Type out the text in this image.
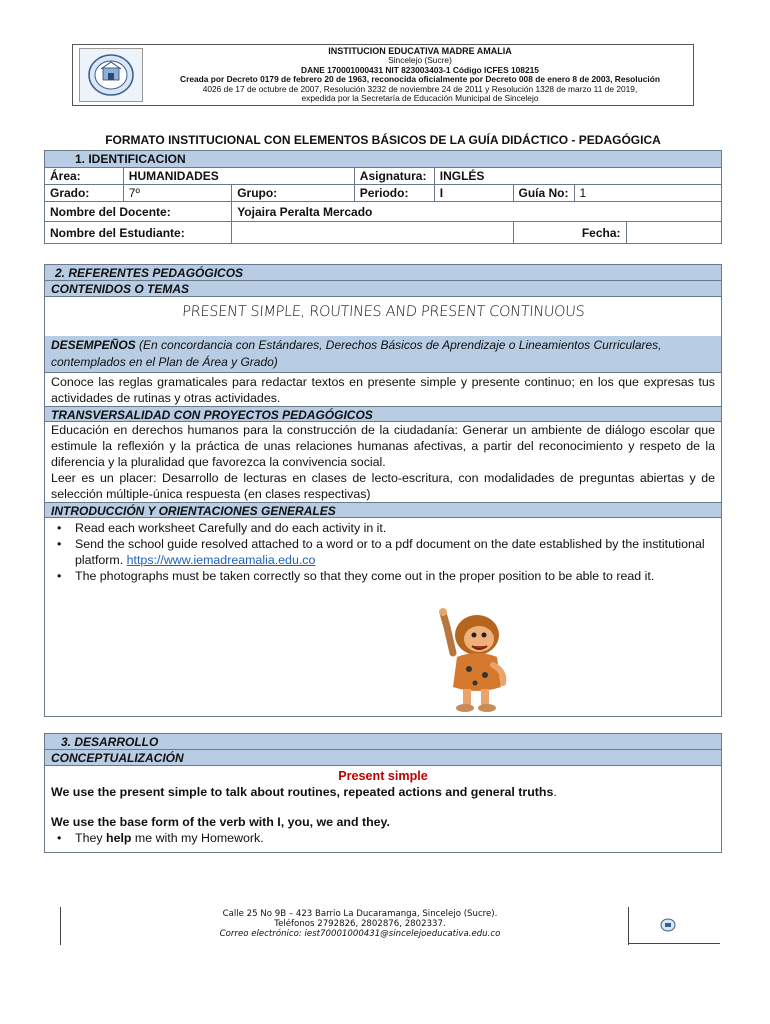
INSTITUCION EDUCATIVA MADRE AMALIA
Sincelejo (Sucre)
DANE 170001000431 NIT 823003403-1 Código ICFES 108215
Creada por Decreto 0179 de febrero 20 de 1963, reconocida oficialmente por Decreto 008 de enero 8 de 2003, Resolución
4026 de 17 de octubre de 2007, Resolución 3232 de noviembre 24 de 2011 y Resolución 1328 de marzo 11 de 2019,
expedida por la Secretaría de Educación Municipal de Sincelejo
FORMATO INSTITUCIONAL CON ELEMENTOS BÁSICOS DE LA GUÍA DIDÁCTICO - PEDAGÓGICA
1. IDENTIFICACION							
Área:	HUMANIDADES		Asignatura:	INGLÉS			
Grado:	7º	Grupo:	Periodo:	I	Guía No:	1	
Nombre del Docente:		Yojaira Peralta Mercado					
Nombre del Estudiante:					Fecha:		
2. REFERENTES PEDAGÓGICOS
CONTENIDOS O TEMAS
PRESENT SIMPLE, ROUTINES AND PRESENT CONTINUOUS
DESEMPEÑOS (En concordancia con Estándares, Derechos Básicos de Aprendizaje o Lineamientos Curriculares, contemplados en el Plan de Área y Grado)
Conoce las reglas gramaticales para redactar textos en presente simple y presente continuo; en los que expresas tus actividades de rutinas y otras actividades.
TRANSVERSALIDAD CON PROYECTOS PEDAGÓGICOS
Educación en derechos humanos para la construcción de la ciudadanía: Generar un ambiente de diálogo escolar que estimule la reflexión y la práctica de unas relaciones humanas afectivas, a partir del reconocimiento y respeto de la diferencia y la pluralidad que favorezca la convivencia social.
Leer es un placer: Desarrollo de lecturas en clases de lecto-escritura, con modalidades de preguntas abiertas y de selección múltiple-única respuesta (en clases respectivas)
INTRODUCCIÓN Y ORIENTACIONES GENERALES
• Read each worksheet Carefully and do each activity in it.
• Send the school guide resolved attached to a word or to a pdf document on the date established by the institutional platform. https://www.iemadreamalia.edu.co
• The photographs must be taken correctly so that they come out in the proper position to be able to read it.
3. DESARROLLO
CONCEPTUALIZACIÓN
Present simple
We use the present simple to talk about routines, repeated actions and general truths.
We use the base form of the verb with I, you, we and they.
• They help me with my Homework.
Calle 25 No 9B – 423 Barrio La Ducaramanga, Sincelejo (Sucre).
Teléfonos 2792826, 2802876, 2802337.
Correo electrónico: iest70001000431@sincelejoeducativa.edu.co
